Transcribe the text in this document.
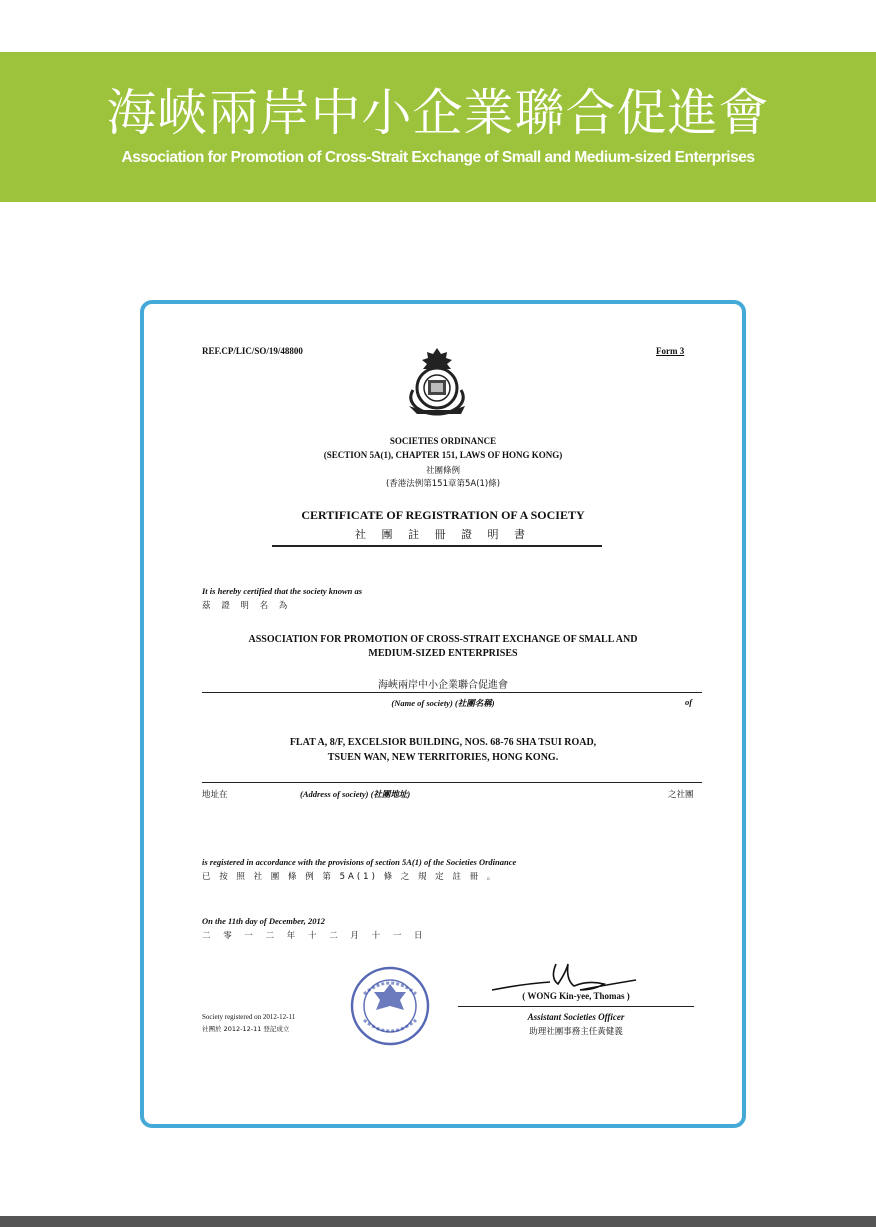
海峽兩岸中小企業聯合促進會
Association for Promotion of Cross-Strait Exchange of Small and Medium-sized Enterprises
REF.CP/LIC/SO/19/48800	Form 3
SOCIETIES ORDINANCE
(SECTION 5A(1), CHAPTER 151, LAWS OF HONG KONG)
社團條例
(香港法例第151章第5A(1)條)
CERTIFICATE OF REGISTRATION OF A SOCIETY
社 團 註 冊 證 明 書
It is hereby certified that the society known as
茲 證 明 名 為
ASSOCIATION FOR PROMOTION OF CROSS-STRAIT EXCHANGE OF SMALL AND
MEDIUM-SIZED ENTERPRISES
海峽兩岸中小企業聯合促進會
(Name of society) (社團名稱)	of
FLAT A, 8/F, EXCELSIOR BUILDING, NOS. 68-76 SHA TSUI ROAD,
TSUEN WAN, NEW TERRITORIES, HONG KONG.
地址在	(Address of society) (社團地址)	之社團
is registered in accordance with the provisions of section 5A(1) of the Societies Ordinance
已 按 照 社 團 條 例 第 5A(1) 條 之 規 定 註 冊 。
On the 11th day of December, 2012
二 零 一 二 年 十 二 月 十 一 日
Society registered on 2012-12-11
社團於 2012-12-11 登記成立
( WONG Kin-yee, Thomas )
Assistant Societies Officer
助理社團事務主任黃健義
